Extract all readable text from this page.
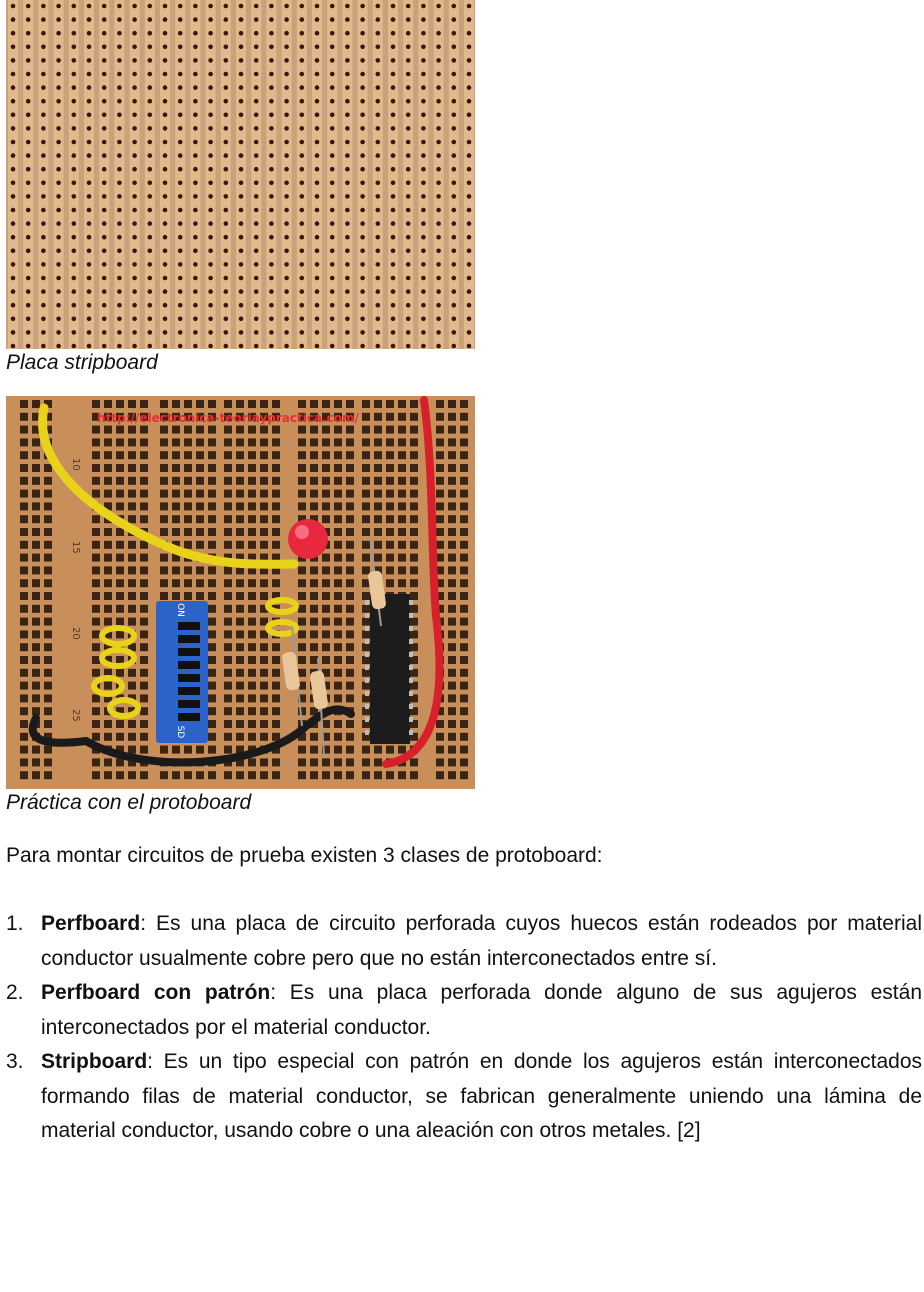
Placa stripboard
ON
SD
http://electronica-teoriaypractica.com/
10
15
20
25
Práctica con el protoboard

Para montar circuitos de prueba existen 3 clases de protoboard:

1. Perfboard: Es una placa de circuito perforada cuyos huecos están rodeados por material conductor usualmente cobre pero que no están interconectados entre sí.
2. Perfboard con patrón: Es una placa perforada donde alguno de sus agujeros están interconectados por el material conductor.
3. Stripboard: Es un tipo especial con patrón en donde los agujeros están interconectados formando filas de material conductor, se fabrican generalmente uniendo una lámina de material conductor, usando cobre o una aleación con otros metales. [2]
